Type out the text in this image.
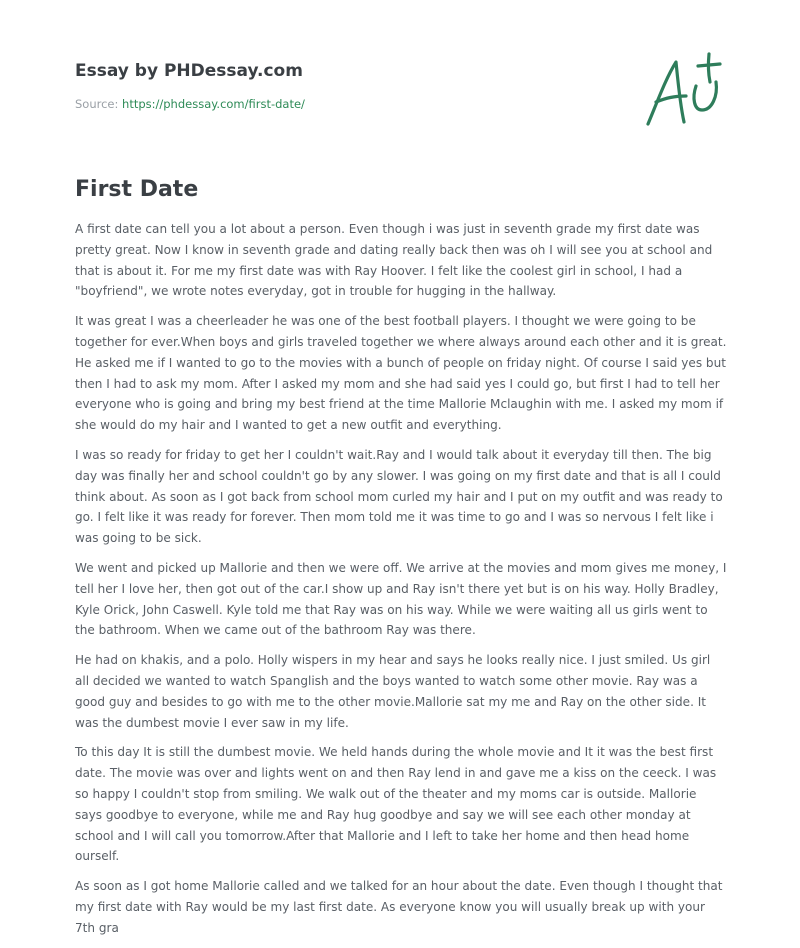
Essay by PHDessay.com
Source: https://phdessay.com/first-date/
First Date

A first date can tell you a lot about a person. Even though i was just in seventh grade my first date was pretty great. Now I know in seventh grade and dating really back then was oh I will see you at school and that is about it. For me my first date was with Ray Hoover. I felt like the coolest girl in school, I had a "boyfriend", we wrote notes everyday, got in trouble for hugging in the hallway.

It was great I was a cheerleader he was one of the best football players. I thought we were going to be together for ever.When boys and girls traveled together we where always around each other and it is great. He asked me if I wanted to go to the movies with a bunch of people on friday night. Of course I said yes but then I had to ask my mom. After I asked my mom and she had said yes I could go, but first I had to tell her everyone who is going and bring my best friend at the time Mallorie Mclaughin with me. I asked my mom if she would do my hair and I wanted to get a new outfit and everything.

I was so ready for friday to get her I couldn't wait.Ray and I would talk about it everyday till then. The big day was finally her and school couldn't go by any slower. I was going on my first date and that is all I could think about. As soon as I got back from school mom curled my hair and I put on my outfit and was ready to go. I felt like it was ready for forever. Then mom told me it was time to go and I was so nervous I felt like i was going to be sick.

We went and picked up Mallorie and then we were off. We arrive at the movies and mom gives me money, I tell her I love her, then got out of the car.I show up and Ray isn't there yet but is on his way. Holly Bradley, Kyle Orick, John Caswell. Kyle told me that Ray was on his way. While we were waiting all us girls went to the bathroom. When we came out of the bathroom Ray was there.

He had on khakis, and a polo. Holly wispers in my hear and says he looks really nice. I just smiled. Us girl all decided we wanted to watch Spanglish and the boys wanted to watch some other movie. Ray was a good guy and besides to go with me to the other movie.Mallorie sat my me and Ray on the other side. It was the dumbest movie I ever saw in my life.

To this day It is still the dumbest movie. We held hands during the whole movie and It it was the best first date. The movie was over and lights went on and then Ray lend in and gave me a kiss on the ceeck. I was so happy I couldn't stop from smiling. We walk out of the theater and my moms car is outside. Mallorie says goodbye to everyone, while me and Ray hug goodbye and say we will see each other monday at school and I will call you tomorrow.After that Mallorie and I left to take her home and then head home ourself.

As soon as I got home Mallorie called and we talked for an hour about the date. Even though I thought that my first date with Ray would be my last first date. As everyone know you will usually break up with your 7th gra
